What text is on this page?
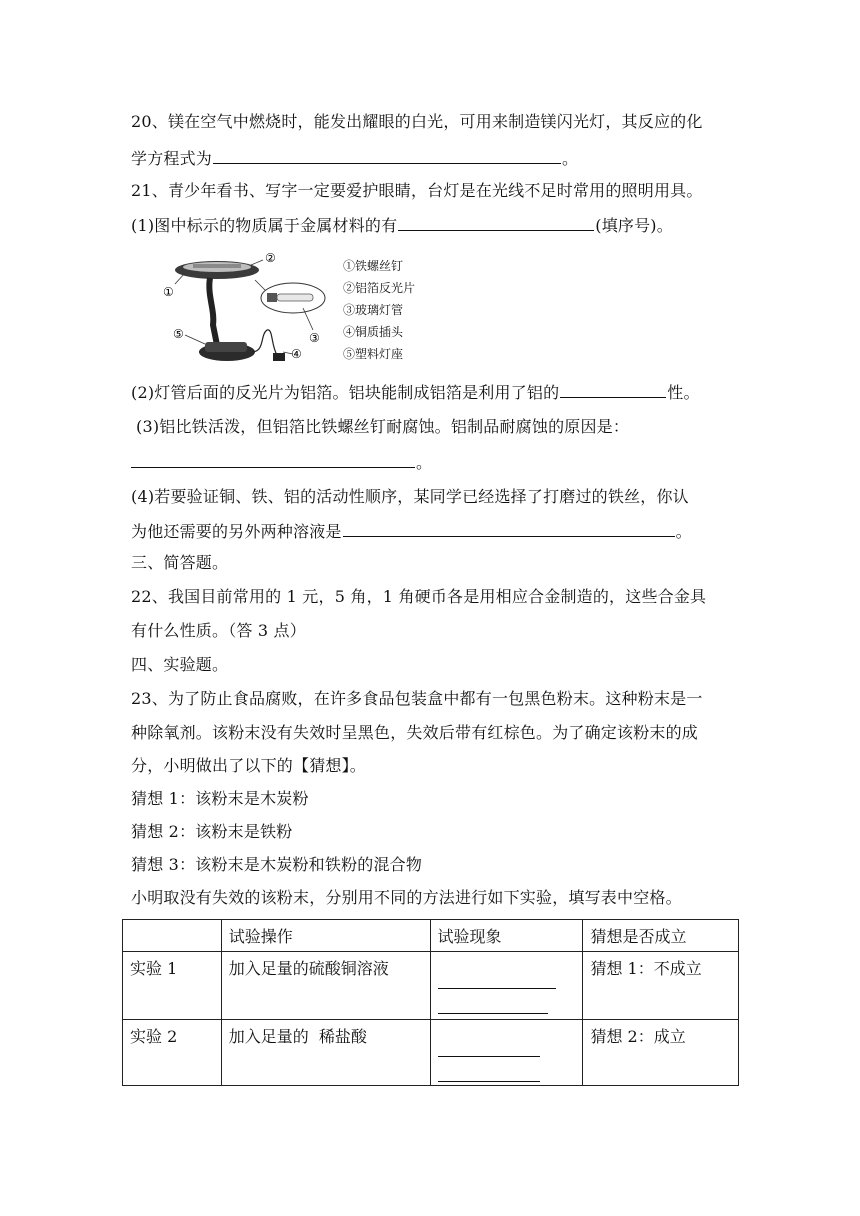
20、镁在空气中燃烧时，能发出耀眼的白光，可用来制造镁闪光灯，其反应的化
学方程式为	。
21、青少年看书、写字一定要爱护眼睛，台灯是在光线不足时常用的照明用具。
(1)图中标示的物质属于金属材料的有	(填序号)。
①
②
③
④
⑤
①铁螺丝钉
②铝箔反光片
③玻璃灯管
④铜质插头
⑤塑料灯座
(2)灯管后面的反光片为铝箔。铝块能制成铝箔是利用了铝的	性。
(3)铝比铁活泼，但铝箔比铁螺丝钉耐腐蚀。铝制品耐腐蚀的原因是：
。
(4)若要验证铜、铁、铝的活动性顺序，某同学已经选择了打磨过的铁丝，你认
为他还需要的另外两种溶液是	。
三、简答题。
22、我国目前常用的 1 元，5 角，1 角硬币各是用相应合金制造的，这些合金具
有什么性质。（答 3 点）
四、实验题。
23、为了防止食品腐败，在许多食品包装盒中都有一包黑色粉末。这种粉末是一
种除氧剂。该粉末没有失效时呈黑色，失效后带有红棕色。为了确定该粉末的成
分，小明做出了以下的【猜想】。
猜想 1：该粉末是木炭粉
猜想 2：该粉末是铁粉
猜想 3：该粉末是木炭粉和铁粉的混合物
小明取没有失效的该粉末，分别用不同的方法进行如下实验，填写表中空格。
	试验操作	试验现象	猜想是否成立
实验 1	加入足量的硫酸铜溶液		猜想 1：不成立
实验 2	加入足量的  稀盐酸		猜想 2：成立
